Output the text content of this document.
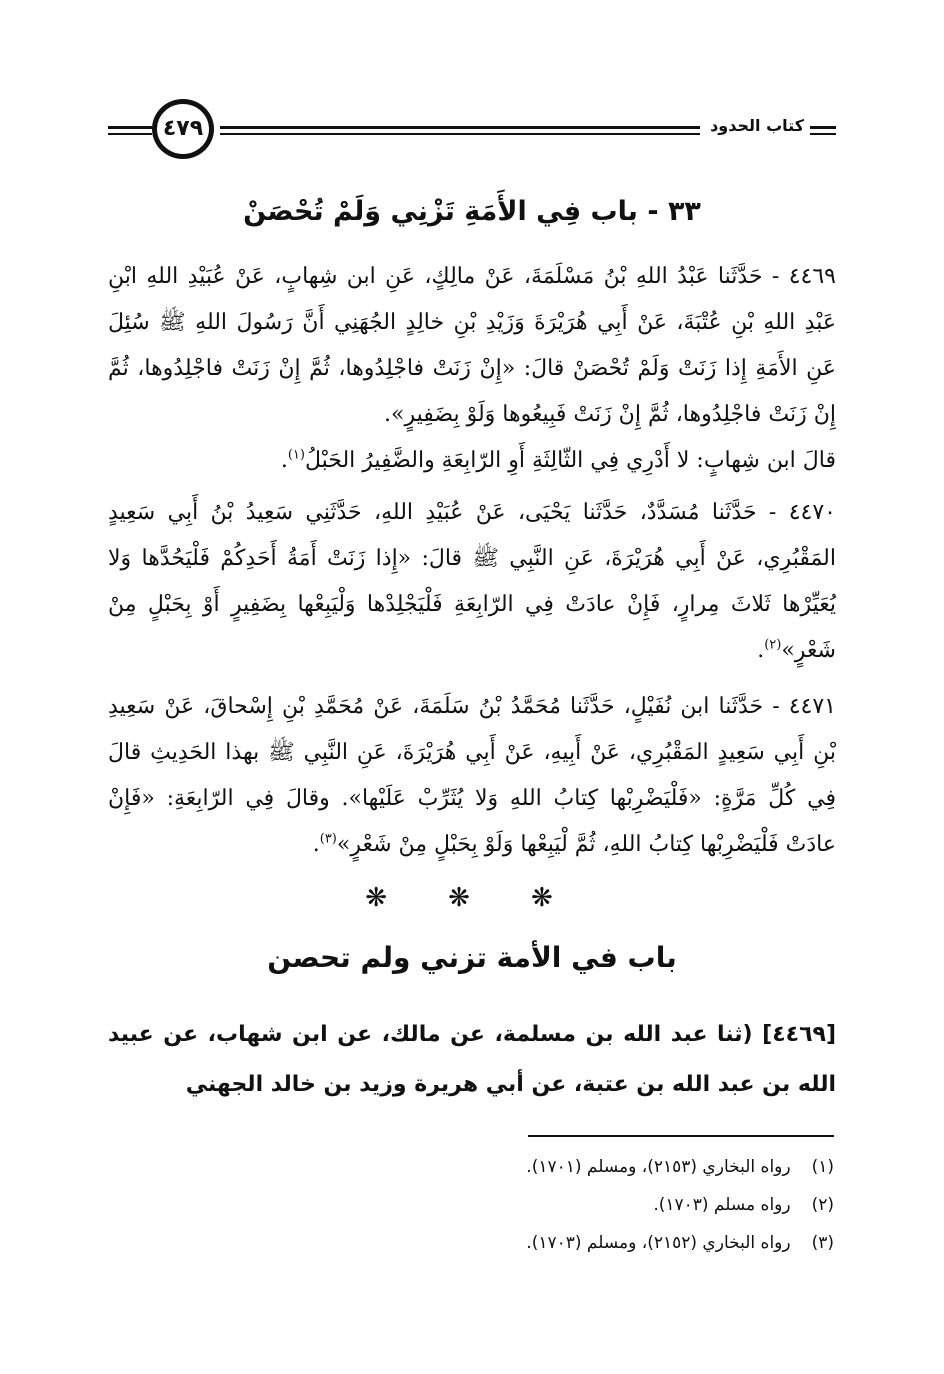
٤٧٩	كتاب الحدود
٣٣ - باب فِي الأَمَةِ تَزْنِي وَلَمْ تُحْصَنْ

٤٤٦٩ - حَدَّثَنا عَبْدُ اللهِ بْنُ مَسْلَمَةَ، عَنْ مالِكٍ، عَنِ ابن شِهابٍ، عَنْ عُبَيْدِ اللهِ ابْنِ عَبْدِ اللهِ بْنِ عُتْبَةَ، عَنْ أَبِي هُرَيْرَةَ وَزَيْدِ بْنِ خالِدٍ الجُهَنِي أَنَّ رَسُولَ اللهِ ﷺ سُئِلَ عَنِ الأَمَةِ إِذا زَنَتْ وَلَمْ تُحْصَنْ قالَ: «إِنْ زَنَتْ فاجْلِدُوها، ثُمَّ إِنْ زَنَتْ فاجْلِدُوها، ثُمَّ إِنْ زَنَتْ فاجْلِدُوها، ثُمَّ إِنْ زَنَتْ فَبِيعُوها وَلَوْ بِضَفِيرٍ».

قالَ ابن شِهابٍ: لا أَدْرِي فِي الثّالِثَةِ أَوِ الرّابِعَةِ والضَّفِيرُ الحَبْلُ$^{(١)}$.

٤٤٧٠ - حَدَّثَنا مُسَدَّدٌ، حَدَّثَنا يَحْيَى، عَنْ عُبَيْدِ اللهِ، حَدَّثَنِي سَعِيدُ بْنُ أَبِي سَعِيدٍ المَقْبُرِي، عَنْ أَبِي هُرَيْرَةَ، عَنِ النَّبِي ﷺ قالَ: «إِذا زَنَتْ أَمَةُ أَحَدِكُمْ فَلْيَحُدَّها وَلا يُعَيِّرْها ثَلاثَ مِرارٍ، فَإِنْ عادَتْ فِي الرّابِعَةِ فَلْيَجْلِدْها وَلْيَبِعْها بِضَفِيرٍ أَوْ بِحَبْلٍ مِنْ شَعْرٍ»$^{(٢)}$.

٤٤٧١ - حَدَّثَنا ابن نُفَيْلٍ، حَدَّثَنا مُحَمَّدُ بْنُ سَلَمَةَ، عَنْ مُحَمَّدِ بْنِ إِسْحاقَ، عَنْ سَعِيدِ بْنِ أَبِي سَعِيدٍ المَقْبُرِي، عَنْ أَبِيهِ، عَنْ أَبِي هُرَيْرَةَ، عَنِ النَّبِي ﷺ بهذا الحَدِيثِ قالَ فِي كُلِّ مَرَّةٍ: «فَلْيَضْرِبْها كِتابُ اللهِ وَلا يُثَرِّبْ عَلَيْها». وقالَ فِي الرّابِعَةِ: «فَإِنْ عادَتْ فَلْيَضْرِبْها كِتابُ اللهِ، ثُمَّ لْيَبِعْها وَلَوْ بِحَبْلٍ مِنْ شَعْرٍ»$^{(٣)}$.

❋ ❋ ❋
باب في الأمة تزني ولم تحصن

[٤٤٦٩] (ثنا عبد الله بن مسلمة، عن مالك، عن ابن شهاب، عن عبيد الله بن عبد الله بن عتبة، عن أبي هريرة وزيد بن خالد الجهني

(١) رواه البخاري (٢١٥٣)، ومسلم (١٧٠١).
(٢) رواه مسلم (١٧٠٣).
(٣) رواه البخاري (٢١٥٢)، ومسلم (١٧٠٣).
